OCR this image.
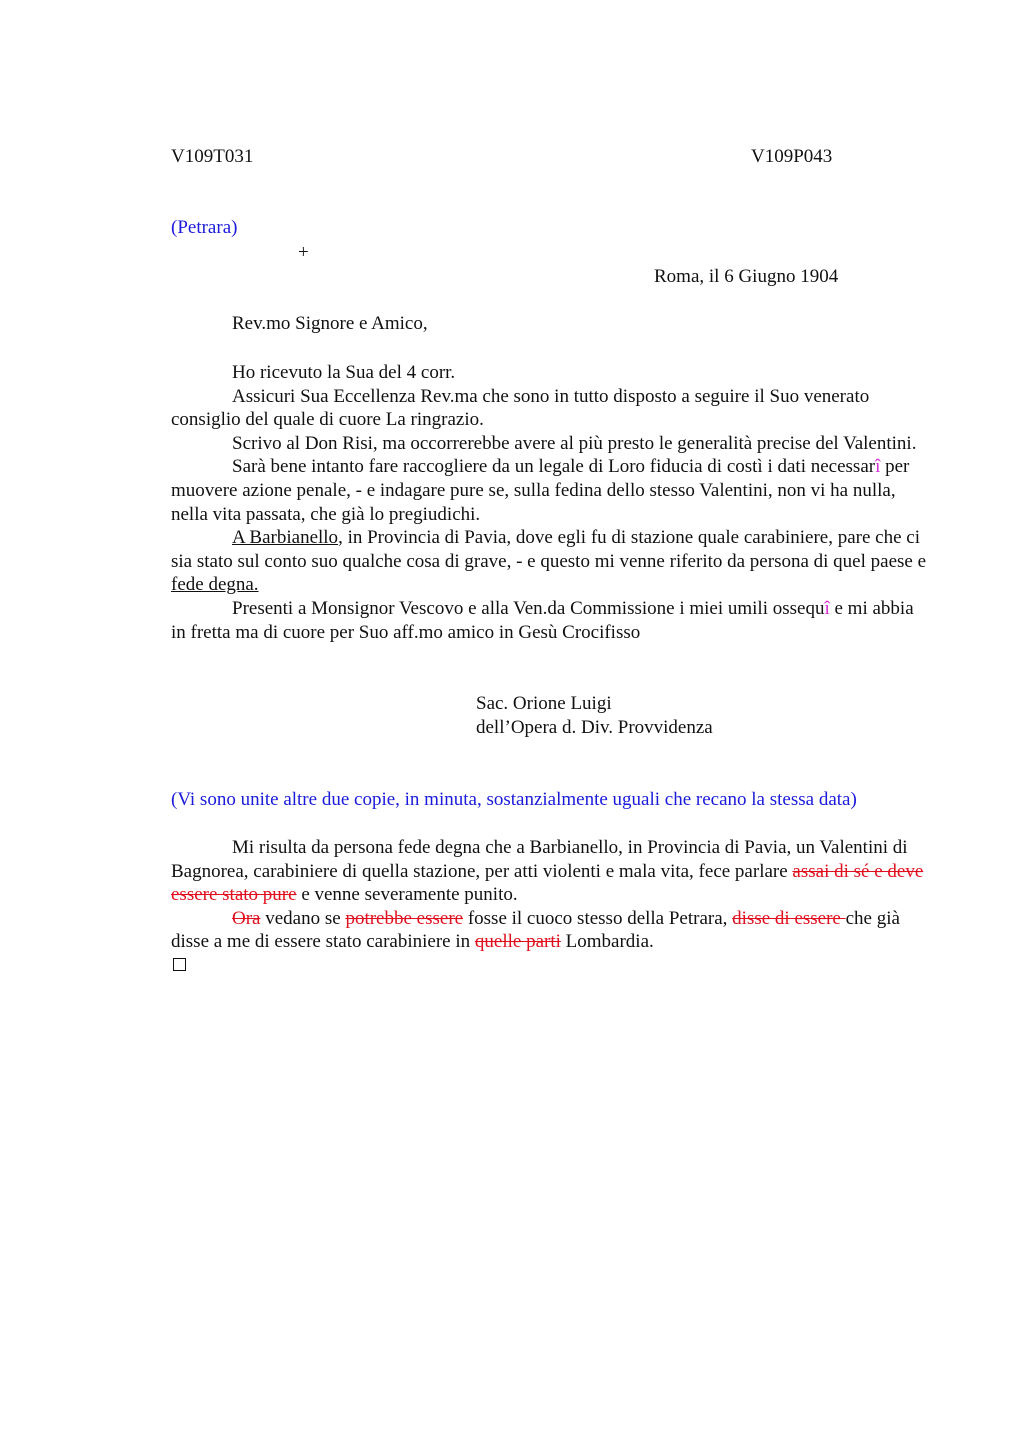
V109T031	V109P043
(Petrara)
+
Roma, il 6 Giugno 1904
Rev.mo Signore e Amico,

Ho ricevuto la Sua del 4 corr.

Assicuri Sua Eccellenza Rev.ma che sono in tutto disposto a seguire il Suo venerato consiglio del quale di cuore La ringrazio.

Scrivo al Don Risi, ma occorrerebbe avere al più presto le generalità precise del Valentini.

Sarà bene intanto fare raccogliere da un legale di Loro fiducia di costì i dati necessarî per muovere azione penale, - e indagare pure se, sulla fedina dello stesso Valentini, non vi ha nulla, nella vita passata, che già lo pregiudichi.

A Barbianello, in Provincia di Pavia, dove egli fu di stazione quale carabiniere, pare che ci sia stato sul conto suo qualche cosa di grave, - e questo mi venne riferito da persona di quel paese e fede degna.

Presenti a Monsignor Vescovo e alla Ven.da Commissione i miei umili ossequî e mi abbia in fretta ma di cuore per Suo aff.mo amico in Gesù Crocifisso

Sac. Orione Luigi
dell’Opera d. Div. Provvidenza
(Vi sono unite altre due copie, in minuta, sostanzialmente uguali che recano la stessa data)

Mi risulta da persona fede degna che a Barbianello, in Provincia di Pavia, un Valentini di Bagnorea, carabiniere di quella stazione, per atti violenti e mala vita, fece parlare assai di sé e deve essere stato pure e venne severamente punito.

Ora vedano se potrebbe essere fosse il cuoco stesso della Petrara, disse di essere che già disse a me di essere stato carabiniere in quelle parti Lombardia.
